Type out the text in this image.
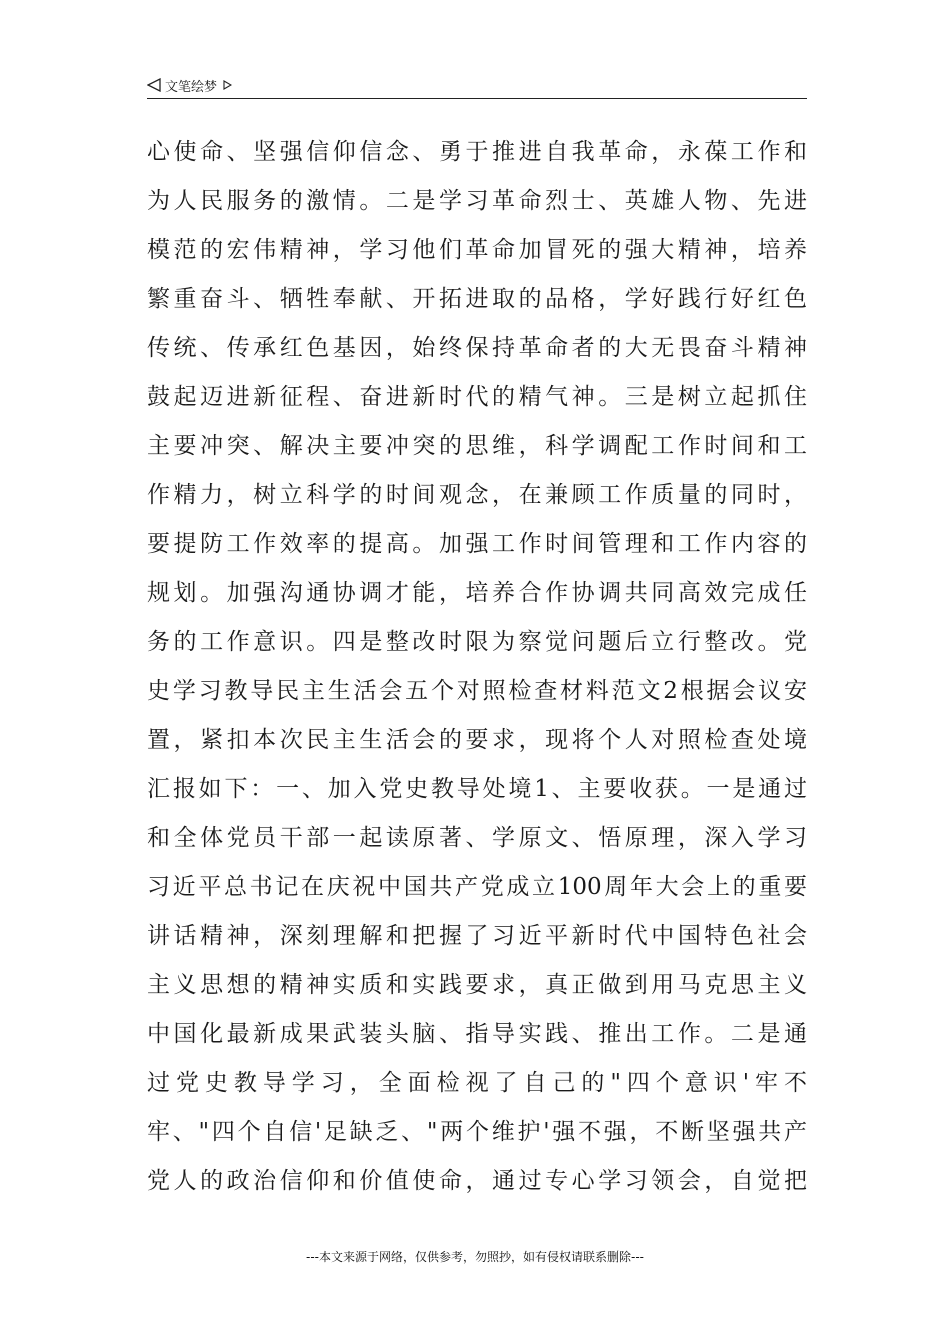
文笔绘梦
心使命、坚强信仰信念、勇于推进自我革命，永葆工作和
为人民服务的激情。二是学习革命烈士、英雄人物、先进
模范的宏伟精神，学习他们革命加冒死的强大精神，培养
繁重奋斗、牺牲奉献、开拓进取的品格，学好践行好红色
传统、传承红色基因，始终保持革命者的大无畏奋斗精神
鼓起迈进新征程、奋进新时代的精气神。三是树立起抓住
主要冲突、解决主要冲突的思维，科学调配工作时间和工
作精力，树立科学的时间观念，在兼顾工作质量的同时，
要提防工作效率的提高。加强工作时间管理和工作内容的
规划。加强沟通协调才能，培养合作协调共同高效完成任
务的工作意识。四是整改时限为察觉问题后立行整改。党
史学习教导民主生活会五个对照检查材料范文2根据会议安
置，紧扣本次民主生活会的要求，现将个人对照检查处境
汇报如下：一、加入党史教导处境1、主要收获。一是通过
和全体党员干部一起读原著、学原文、悟原理，深入学习
习近平总书记在庆祝中国共产党成立100周年大会上的重要
讲话精神，深刻理解和把握了习近平新时代中国特色社会
主义思想的精神实质和实践要求，真正做到用马克思主义
中国化最新成果武装头脑、指导实践、推出工作。二是通
过党史教导学习，全面检视了自己的"四个意识'牢不
牢、"四个自信'足缺乏、"两个维护'强不强，不断坚强共产
党人的政治信仰和价值使命，通过专心学习领会，自觉把
---本文来源于网络，仅供参考，勿照抄，如有侵权请联系删除---
